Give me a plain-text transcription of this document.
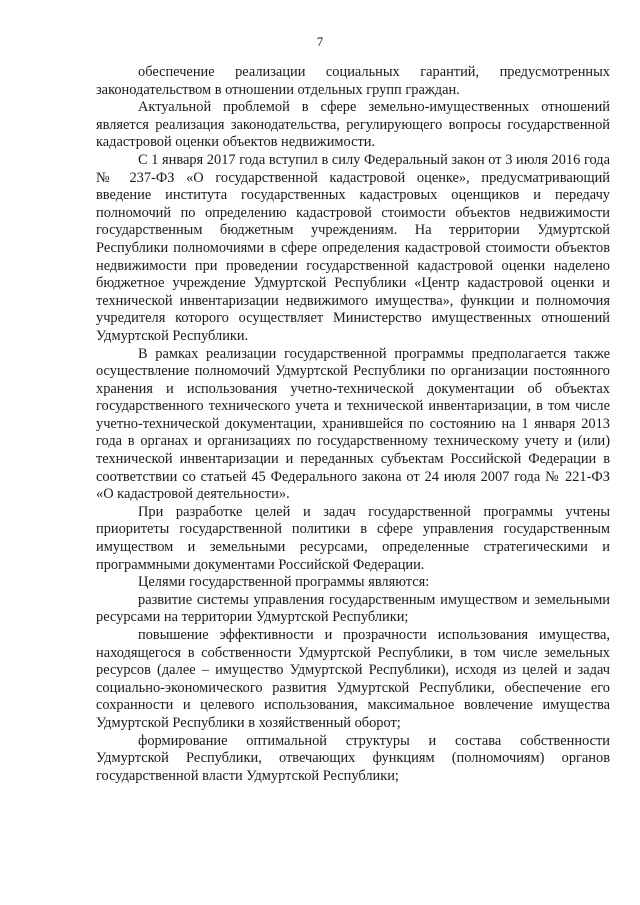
7

обеспечение реализации социальных гарантий, предусмотренных законодательством в отношении отдельных групп граждан.

Актуальной проблемой в сфере земельно-имущественных отношений является реализация законодательства, регулирующего вопросы государственной кадастровой оценки объектов недвижимости.

С 1 января 2017 года вступил в силу Федеральный закон от 3 июля 2016 года № 237-ФЗ «О государственной кадастровой оценке», предусматривающий введение института государственных кадастровых оценщиков и передачу полномочий по определению кадастровой стоимости объектов недвижимости государственным бюджетным учреждениям. На территории Удмуртской Республики полномочиями в сфере определения кадастровой стоимости объектов недвижимости при проведении государственной кадастровой оценки наделено бюджетное учреждение Удмуртской Республики «Центр кадастровой оценки и технической инвентаризации недвижимого имущества», функции и полномочия учредителя которого осуществляет Министерство имущественных отношений Удмуртской Республики.

В рамках реализации государственной программы предполагается также осуществление полномочий Удмуртской Республики по организации постоянного хранения и использования учетно-технической документации об объектах государственного технического учета и технической инвентаризации, в том числе учетно-технической документации, хранившейся по состоянию на 1 января 2013 года в органах и организациях по государственному техническому учету и (или) технической инвентаризации и переданных субъектам Российской Федерации в соответствии со статьей 45 Федерального закона от 24 июля 2007 года № 221-ФЗ «О кадастровой деятельности».

При разработке целей и задач государственной программы учтены приоритеты государственной политики в сфере управления государственным имуществом и земельными ресурсами, определенные стратегическими и программными документами Российской Федерации.

Целями государственной программы являются:

развитие системы управления государственным имуществом и земельными ресурсами на территории Удмуртской Республики;

повышение эффективности и прозрачности использования имущества, находящегося в собственности Удмуртской Республики, в том числе земельных ресурсов (далее – имущество Удмуртской Республики), исходя из целей и задач социально-экономического развития Удмуртской Республики, обеспечение его сохранности и целевого использования, максимальное вовлечение имущества Удмуртской Республики в хозяйственный оборот;

формирование оптимальной структуры и состава собственности Удмуртской Республики, отвечающих функциям (полномочиям) органов государственной власти Удмуртской Республики;
